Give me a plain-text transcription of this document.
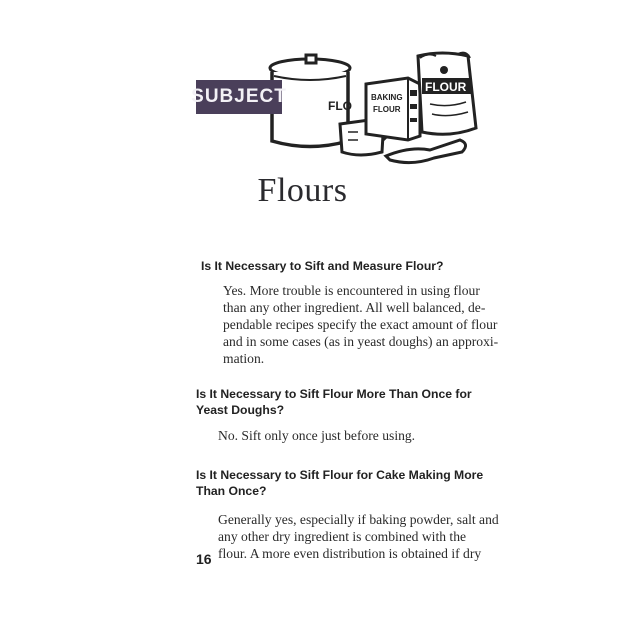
FLO
BAKING
FLOUR
FLOUR
SUBJECT
Flours
Is It Necessary to Sift and Measure Flour?
Yes. More trouble is encountered in using flour
than any other ingredient. All well balanced, de-
pendable recipes specify the exact amount of flour
and in some cases (as in yeast doughs) an approxi-
mation.
Is It Necessary to Sift Flour More Than Once for Yeast Doughs?
No. Sift only once just before using.
Is It Necessary to Sift Flour for Cake Making More Than Once?
Generally yes, especially if baking powder, salt and
any other dry ingredient is combined with the
flour. A more even distribution is obtained if dry
16
